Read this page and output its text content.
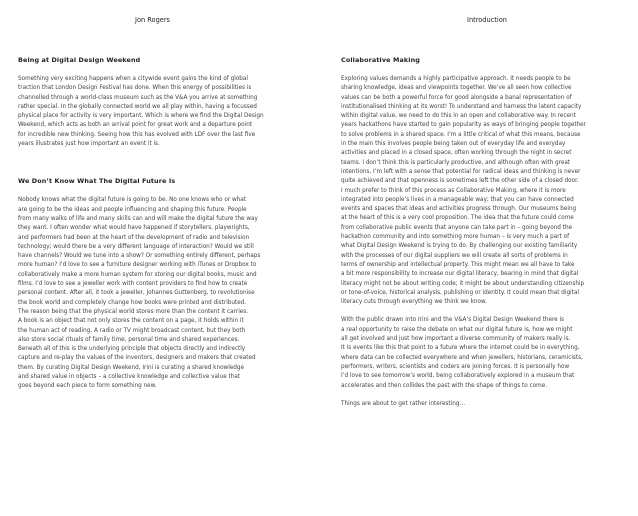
Jon Rogers	Introduction
Being at Digital Design Weekend

Something very exciting happens when a citywide event gains the kind of global
traction that London Design Festival has done. When this energy of possibilities is
channelled through a world-class museum such as the V&A you arrive at something
rather special. In the globally connected world we all play within, having a focussed
physical place for activity is very important. Which is where we find the Digital Design
Weekend, which acts as both an arrival point for great work and a departure point
for incredible new thinking. Seeing how this has evolved with LDF over the last five
years illustrates just how important an event it is.

We Don’t Know What The Digital Future Is

Nobody knows what the digital future is going to be. No one knows who or what
are going to be the ideas and people influencing and shaping this future. People
from many walks of life and many skills can and will make the digital future the way
they want. I often wonder what would have happened if storytellers, playwrights,
and performers had been at the heart of the development of radio and television
technology; would there be a very different language of interaction? Would we still
have channels? Would we tune into a show? Or something entirely different, perhaps
more human? I’d love to see a furniture designer working with iTunes or Dropbox to
collaboratively make a more human system for storing our digital books, music and
films. I’d love to see a jeweller work with content providers to find how to create
personal content. After all, it took a jeweller, Johannes Guttenberg, to revolutionise
the book world and completely change how books were printed and distributed.
The reason being that the physical world stores more than the content it carries.
A book is an object that not only stores the content on a page, it holds within it
the human act of reading. A radio or TV might broadcast content, but they both
also store social rituals of family time, personal time and shared experiences.
Beneath all of this is the underlying principle that objects directly and indirectly
capture and re-play the values of the inventors, designers and makers that created
them. By curating Digital Design Weekend, Irini is curating a shared knowledge
and shared value in objects – a collective knowledge and collective value that
goes beyond each piece to form something new.

Collaborative Making

Exploring values demands a highly participative approach. It needs people to be
sharing knowledge, ideas and viewpoints together. We’ve all seen how collective
values can be both a powerful force for good alongside a banal representation of
institutionalised thinking at its worst! To understand and harness the latent capacity
within digital value, we need to do this in an open and collaborative way. In recent
years hackathons have started to gain popularity as ways of bringing people together
to solve problems in a shared space. I’m a little critical of what this means, because
in the main this involves people being taken out of everyday life and everyday
activities and placed in a closed space, often working through the night in secret
teams. I don’t think this is particularly productive, and although often with great
intentions, I’m left with a sense that potential for radical ideas and thinking is never
quite achieved and that openness is sometimes left the other side of a closed door.
I much prefer to think of this process as Collaborative Making, where it is more
integrated into people’s lives in a manageable way; that you can have connected
events and spaces that ideas and activities progress through. Our museums being
at the heart of this is a very cool proposition. The idea that the future could come
from collaborative public events that anyone can take part in – going beyond the
hackathon community and into something more human – is very much a part of
what Digital Design Weekend is trying to do. By challenging our existing familiarity
with the processes of our digital suppliers we will create all sorts of problems in
terms of ownership and intellectual property. This might mean we all have to take
a bit more responsibility to increase our digital literacy, bearing in mind that digital
literacy might not be about writing code; it might be about understanding citizenship
or tone-of-voice, historical analysis, publishing or identity. It could mean that digital
literacy cuts through everything we think we know.

With the public drawn into Irini and the V&A’s Digital Design Weekend there is
a real opportunity to raise the debate on what our digital future is, how we might
all get involved and just how important a diverse community of makers really is.
It is events like this that point to a future where the internet could be in everything,
where data can be collected everywhere and when jewellers, historians, ceramicists,
performers, writers, scientists and coders are joining forces. It is personally how
I’d love to see tomorrow’s world, being collaboratively explored in a museum that
accelerates and then collides the past with the shape of things to come.

Things are about to get rather interesting…
